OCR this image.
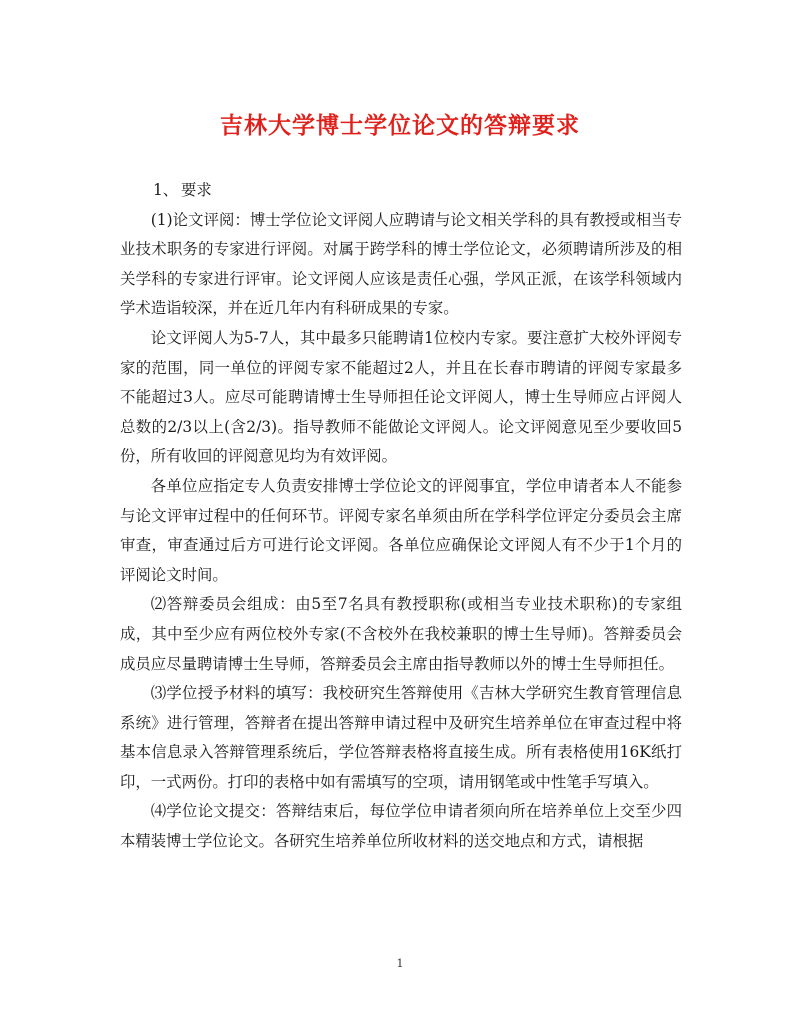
吉林大学博士学位论文的答辩要求

1、 要求

(1)论文评阅：博士学位论文评阅人应聘请与论文相关学科的具有教授或相当专业技术职务的专家进行评阅。对属于跨学科的博士学位论文，必须聘请所涉及的相关学科的专家进行评审。论文评阅人应该是责任心强，学风正派，在该学科领域内学术造诣较深，并在近几年内有科研成果的专家。

论文评阅人为5-7人，其中最多只能聘请1位校内专家。要注意扩大校外评阅专家的范围，同一单位的评阅专家不能超过2人，并且在长春市聘请的评阅专家最多不能超过3人。应尽可能聘请博士生导师担任论文评阅人，博士生导师应占评阅人总数的2/3以上(含2/3)。指导教师不能做论文评阅人。论文评阅意见至少要收回5份，所有收回的评阅意见均为有效评阅。

各单位应指定专人负责安排博士学位论文的评阅事宜，学位申请者本人不能参与论文评审过程中的任何环节。评阅专家名单须由所在学科学位评定分委员会主席审查，审查通过后方可进行论文评阅。各单位应确保论文评阅人有不少于1个月的评阅论文时间。

⑵答辩委员会组成：由5至7名具有教授职称(或相当专业技术职称)的专家组成，其中至少应有两位校外专家(不含校外在我校兼职的博士生导师)。答辩委员会成员应尽量聘请博士生导师，答辩委员会主席由指导教师以外的博士生导师担任。

⑶学位授予材料的填写：我校研究生答辩使用《吉林大学研究生教育管理信息系统》进行管理，答辩者在提出答辩申请过程中及研究生培养单位在审查过程中将基本信息录入答辩管理系统后，学位答辩表格将直接生成。所有表格使用16K纸打印，一式两份。打印的表格中如有需填写的空项，请用钢笔或中性笔手写填入。

⑷学位论文提交：答辩结束后，每位学位申请者须向所在培养单位上交至少四本精装博士学位论文。各研究生培养单位所收材料的送交地点和方式，请根据

1
